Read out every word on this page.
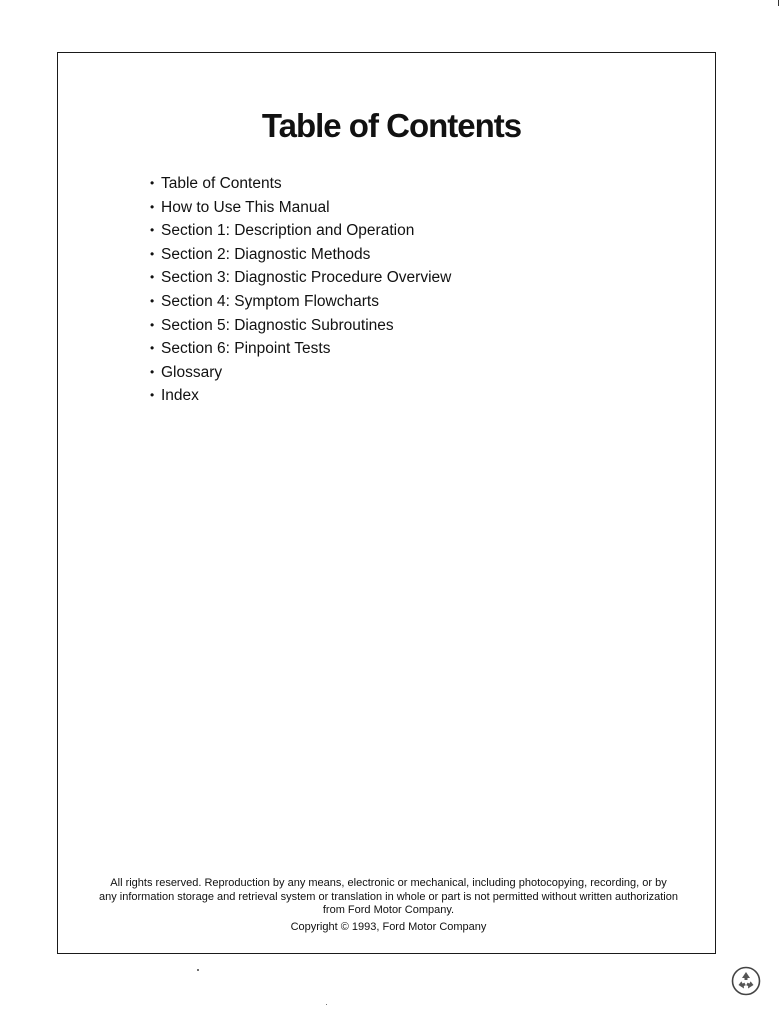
Table of Contents
• Table of Contents
• How to Use This Manual
• Section 1: Description and Operation
• Section 2: Diagnostic Methods
• Section 3: Diagnostic Procedure Overview
• Section 4: Symptom Flowcharts
• Section 5: Diagnostic Subroutines
• Section 6: Pinpoint Tests
• Glossary
• Index

All rights reserved. Reproduction by any means, electronic or mechanical, including photocopying, recording, or by
any information storage and retrieval system or translation in whole or part is not permitted without written authorization
from Ford Motor Company.

Copyright © 1993, Ford Motor Company
